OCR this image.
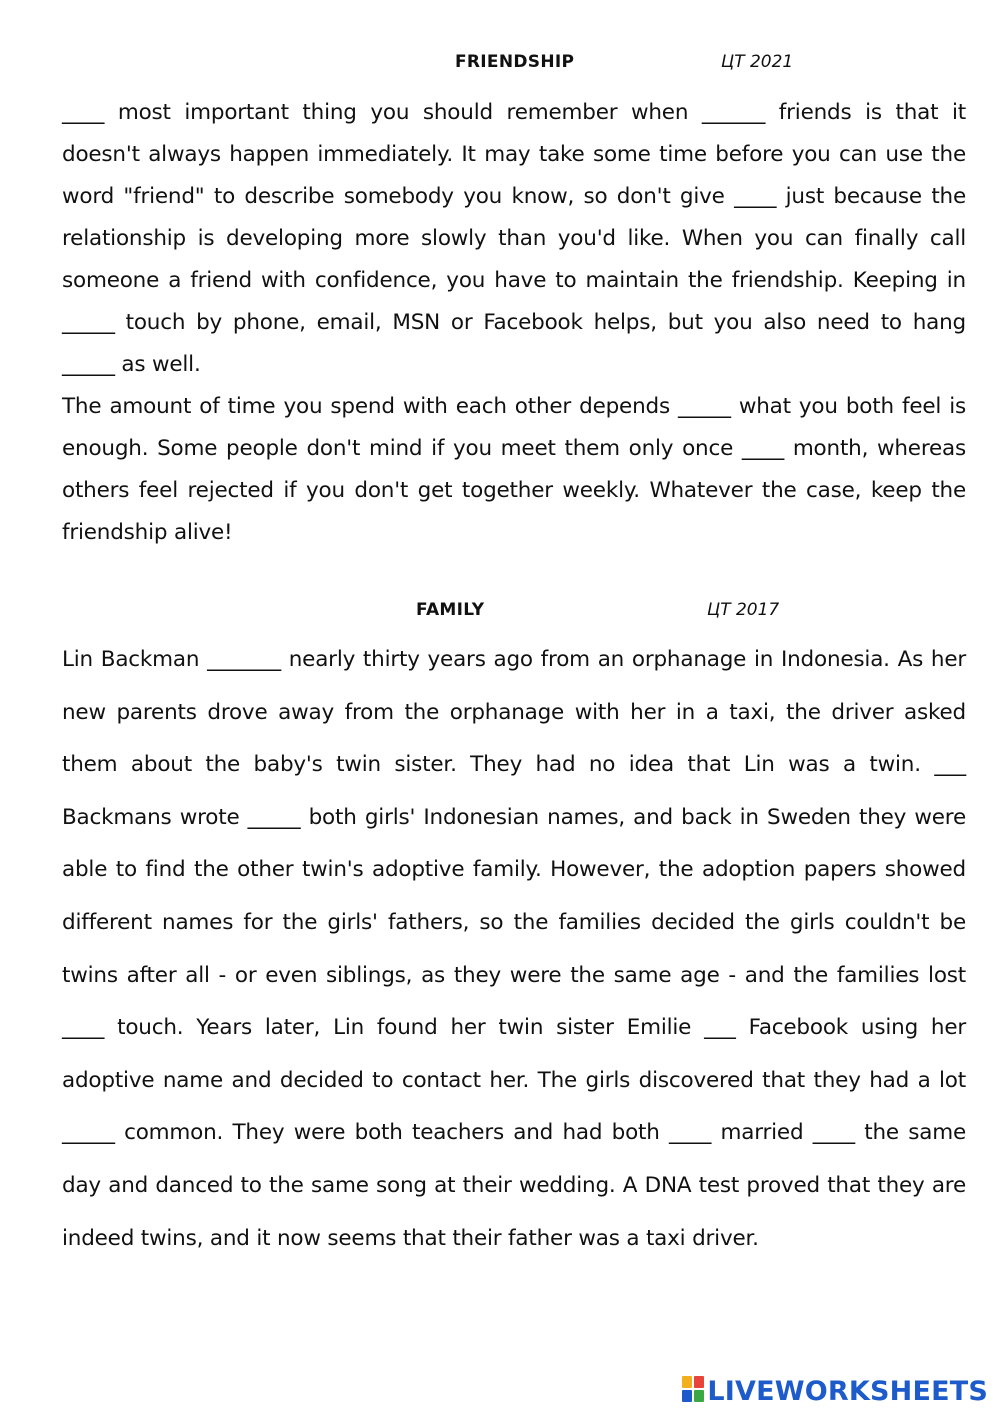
FRIENDSHIP	ЦТ 2021

____ most important thing you should remember when ______ friends is that it doesn't always happen immediately. It may take some time before you can use the word "friend" to describe somebody you know, so don't give ____ just because the relationship is developing more slowly than you'd like. When you can finally call someone a friend with confidence, you have to maintain the friendship. Keeping in _____ touch by phone, email, MSN or Facebook helps, but you also need to hang _____ as well.

The amount of time you spend with each other depends _____ what you both feel is enough. Some people don't mind if you meet them only once ____ month, whereas others feel rejected if you don't get together weekly. Whatever the case, keep the friendship alive!

FAMILY	ЦТ 2017

Lin Backman _______ nearly thirty years ago from an orphanage in Indonesia. As her new parents drove away from the orphanage with her in a taxi, the driver asked them about the baby's twin sister. They had no idea that Lin was a twin. ___ Backmans wrote _____ both girls' Indonesian names, and back in Sweden they were able to find the other twin's adoptive family. However, the adoption papers showed different names for the girls' fathers, so the families decided the girls couldn't be twins after all - or even siblings, as they were the same age - and the families lost ____ touch. Years later, Lin found her twin sister Emilie ___ Facebook using her adoptive name and decided to contact her. The girls discovered that they had a lot _____ common. They were both teachers and had both ____ married ____ the same day and danced to the same song at their wedding. A DNA test proved that they are indeed twins, and it now seems that their father was a taxi driver.

LIVEWORKSHEETS
